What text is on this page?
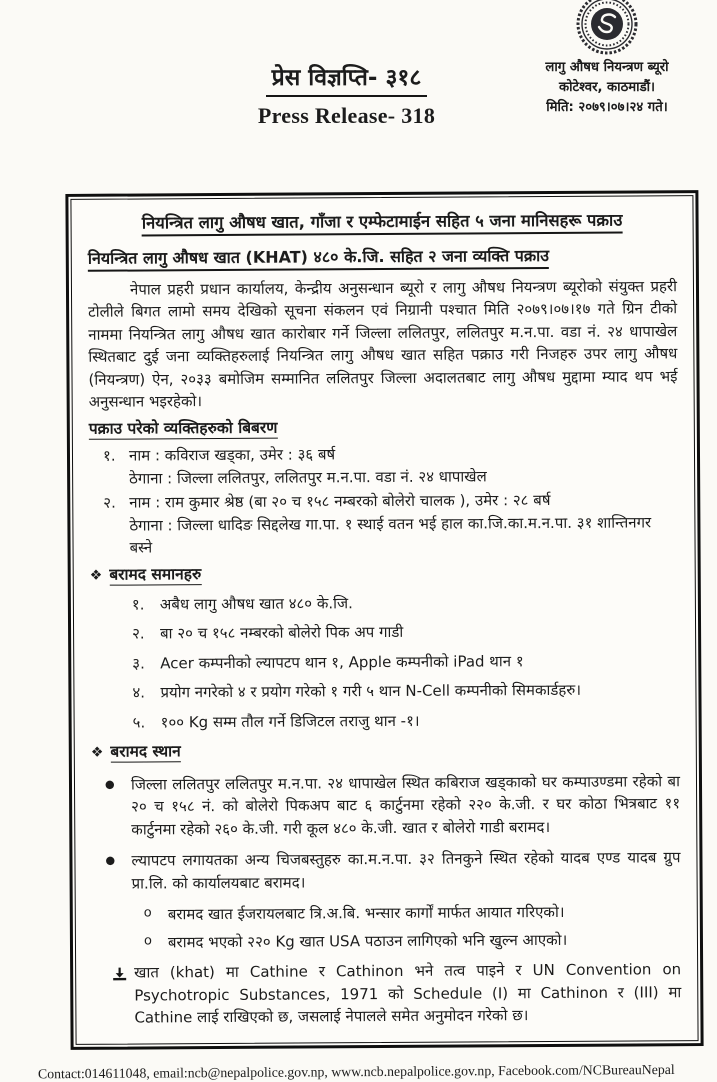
प्रेस विज्ञप्ति- ३१८
Press Release- 318
लागु औषध नियन्त्रण ब्यूरो
कोटेश्वर, काठमाडौं।
मिति: २०७९।०७।२४ गते।
नियन्त्रित लागु औषध खात, गाँजा र एम्फेटामाईन सहित ५ जना मानिसहरू पक्राउ
नियन्त्रित लागु औषध खात (KHAT) ४८० के.जि. सहित २ जना व्यक्ति पक्राउ

नेपाल प्रहरी प्रधान कार्यालय, केन्द्रीय अनुसन्धान ब्यूरो र लागु औषध नियन्त्रण ब्यूरोको संयुक्त प्रहरी टोलीले बिगत लामो समय देखिको सूचना संकलन एवं निग्रानी पश्चात मिति २०७९।०७।१७ गते ग्रिन टीको नाममा नियन्त्रित लागु औषध खात कारोबार गर्ने जिल्ला ललितपुर, ललितपुर म.न.पा. वडा नं. २४ धापाखेल स्थितबाट दुई जना व्यक्तिहरुलाई नियन्त्रित लागु औषध खात सहित पक्राउ गरी निजहरु उपर लागु औषध (नियन्त्रण) ऐन, २०३३ बमोजिम सम्मानित ललितपुर जिल्ला अदालतबाट लागु औषध मुद्दामा म्याद थप भई अनुसन्धान भइरहेको।

पक्राउ परेको व्यक्तिहरुको बिबरण
१. नाम : कविराज खड्का, उमेर : ३६ बर्ष
ठेगाना : जिल्ला ललितपुर, ललितपुर म.न.पा. वडा नं. २४ धापाखेल
२. नाम : राम कुमार श्रेष्ठ (बा २० च १५८ नम्बरको बोलेरो चालक ), उमेर : २८ बर्ष
ठेगाना : जिल्ला धादिङ सिद्दलेख गा.पा. १ स्थाई वतन भई हाल का.जि.का.म.न.पा. ३१ शान्तिनगर बस्ने
❖ बरामद समानहरु
१.	अबैध लागु औषध खात ४८० के.जि.
२.	बा २० च १५८ नम्बरको बोलेरो पिक अप गाडी
३.	Acer कम्पनीको ल्यापटप थान १, Apple कम्पनीको iPad थान १
४.	प्रयोग नगरेको ४ र प्रयोग गरेको १ गरी ५ थान N-Cell कम्पनीको सिमकार्डहरु।
५.	१०० Kg सम्म तौल गर्ने डिजिटल तराजु थान -१।
❖ बरामद स्थान
●	जिल्ला ललितपुर ललितपुर म.न.पा. २४ धापाखेल स्थित कबिराज खड्काको घर कम्पाउण्डमा रहेको बा २० च १५८ नं. को बोलेरो पिकअप बाट ६ कार्टुनमा रहेको २२० के.जी. र घर कोठा भित्रबाट ११ कार्टुनमा रहेको २६० के.जी. गरी कूल ४८० के.जी. खात र बोलेरो गाडी बरामद।
●	ल्यापटप लगायतका अन्य चिजबस्तुहरु का.म.न.पा. ३२ तिनकुने स्थित रहेको यादब एण्ड यादब ग्रुप प्रा.लि. को कार्यालयबाट बरामद।
o	बरामद खात ईजरायलबाट त्रि.अ.बि. भन्सार कार्गों मार्फत आयात गरिएको।
o	बरामद भएको २२० Kg खात USA पठाउन लागिएको भनि खुल्न आएको।
खात (khat) मा Cathine र Cathinon भने तत्व पाइने र UN Convention on Psychotropic Substances, 1971 को Schedule (I) मा Cathinon र (III) मा Cathine लाई राखिएको छ, जसलाई नेपालले समेत अनुमोदन गरेको छ।
Contact:014611048, email:ncb@nepalpolice.gov.np, www.ncb.nepalpolice.gov.np, Facebook.com/NCBureauNepal
